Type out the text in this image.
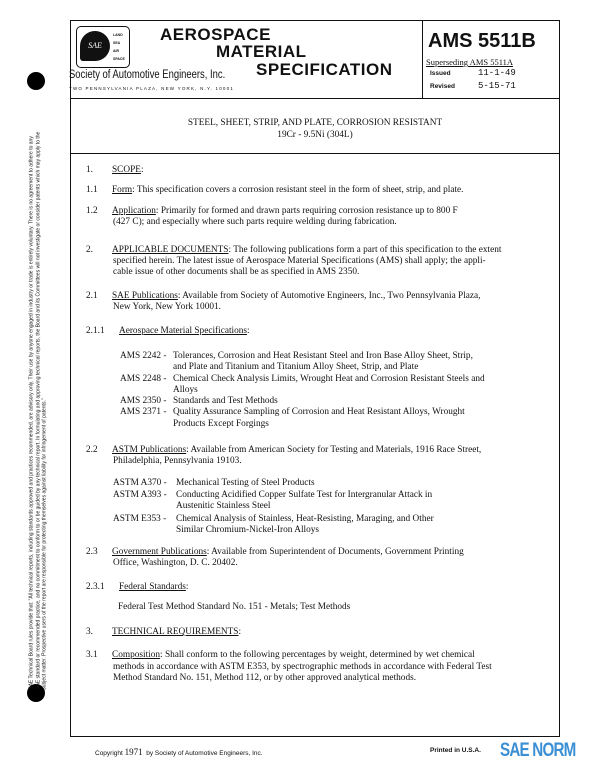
SAE Technical Board rules provide that: "All technical reports, including standards approved and practices recommended, are advisory only. Their use by anyone engaged in industry or trade is entirely voluntary. There is no agreement to adhere to any SAE standard or recommended practice, and no commitment to conform to or be guided by any technical report. In formulating and approving technical reports, the Board and its Committees will not investigate or consider patents which may apply to the subject matter. Prospective users of the report are responsible for protecting themselves against liability for infringement of patents."
SAE
LAND
SEA
AIR
SPACE
AEROSPACE
MATERIAL
SPECIFICATION
Society of Automotive Engineers, Inc.
TWO PENNSYLVANIA PLAZA, NEW YORK, N.Y. 10001
AMS 5511B
Superseding AMS 5511A
Issued	11-1-49
Revised	5-15-71
STEEL, SHEET, STRIP, AND PLATE, CORROSION RESISTANT
19Cr - 9.5Ni (304L)
1. SCOPE:
1.1 Form: This specification covers a corrosion resistant steel in the form of sheet, strip, and plate.
1.2 Application: Primarily for formed and drawn parts requiring corrosion resistance up to 800 F
(427 C); and especially where such parts require welding during fabrication.
2. APPLICABLE DOCUMENTS: The following publications form a part of this specification to the extent
specified herein. The latest issue of Aerospace Material Specifications (AMS) shall apply; the appli-
cable issue of other documents shall be as specified in AMS 2350.
2.1 SAE Publications: Available from Society of Automotive Engineers, Inc., Two Pennsylvania Plaza,
New York, New York 10001.
2.1.1 Aerospace Material Specifications:
AMS 2242 - Tolerances, Corrosion and Heat Resistant Steel and Iron Base Alloy Sheet, Strip,
and Plate and Titanium and Titanium Alloy Sheet, Strip, and Plate
AMS 2248 - Chemical Check Analysis Limits, Wrought Heat and Corrosion Resistant Steels and
Alloys
AMS 2350 - Standards and Test Methods
AMS 2371 - Quality Assurance Sampling of Corrosion and Heat Resistant Alloys, Wrought
Products Except Forgings
2.2 ASTM Publications: Available from American Society for Testing and Materials, 1916 Race Street,
Philadelphia, Pennsylvania 19103.
ASTM A370 - Mechanical Testing of Steel Products
ASTM A393 - Conducting Acidified Copper Sulfate Test for Intergranular Attack in
Austenitic Stainless Steel
ASTM E353 - Chemical Analysis of Stainless, Heat-Resisting, Maraging, and Other
Similar Chromium-Nickel-Iron Alloys
2.3 Government Publications: Available from Superintendent of Documents, Government Printing
Office, Washington, D. C. 20402.
2.3.1 Federal Standards:
Federal Test Method Standard No. 151 - Metals; Test Methods
3. TECHNICAL REQUIREMENTS:
3.1 Composition: Shall conform to the following percentages by weight, determined by wet chemical
methods in accordance with ASTM E353, by spectrographic methods in accordance with Federal Test
Method Standard No. 151, Method 112, or by other approved analytical methods.
Copyright 1971 by Society of Automotive Engineers, Inc.	Printed in U.S.A. SAE NORM
